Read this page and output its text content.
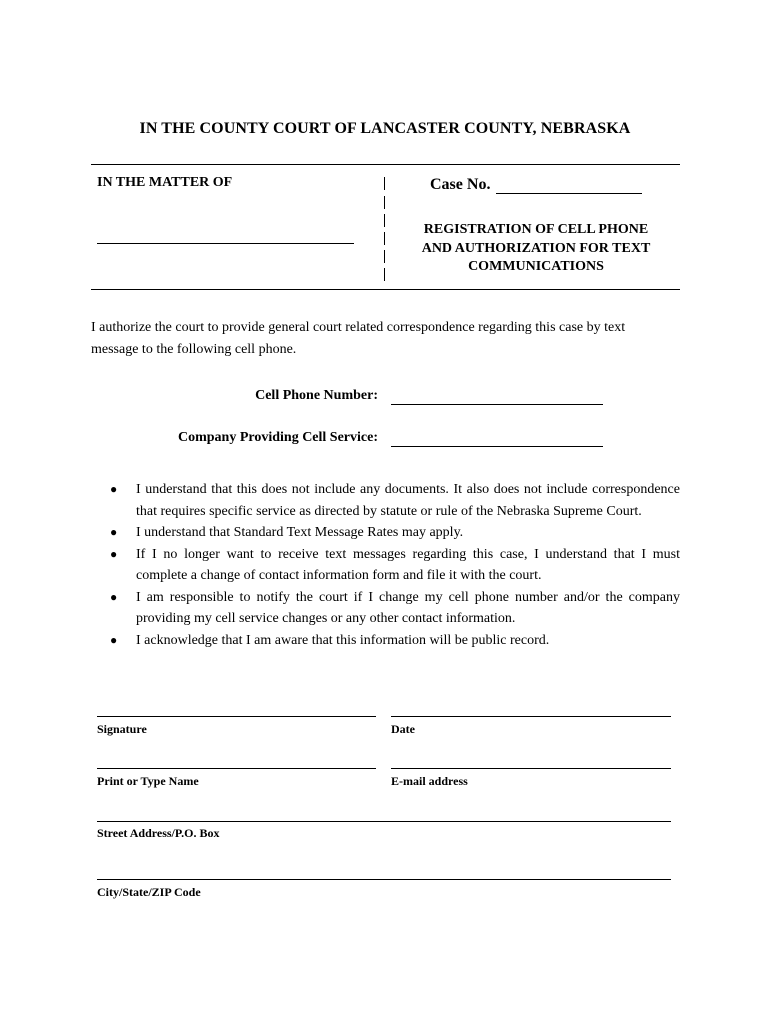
IN THE COUNTY COURT OF LANCASTER COUNTY, NEBRASKA
IN THE MATTER OF	Case No.
REGISTRATION OF CELL PHONE
AND AUTHORIZATION FOR TEXT
COMMUNICATIONS
I authorize the court to provide general court related correspondence regarding this case by text
message to the following cell phone.
Cell Phone Number:
Company Providing Cell Service:
● I understand that this does not include any documents. It also does not include correspondence that requires specific service as directed by statute or rule of the Nebraska Supreme Court.
● I understand that Standard Text Message Rates may apply.
● If I no longer want to receive text messages regarding this case, I understand that I must complete a change of contact information form and file it with the court.
● I am responsible to notify the court if I change my cell phone number and/or the company providing my cell service changes or any other contact information.
● I acknowledge that I am aware that this information will be public record.
Signature	Date
Print or Type Name	E-mail address
Street Address/P.O. Box
City/State/ZIP Code
